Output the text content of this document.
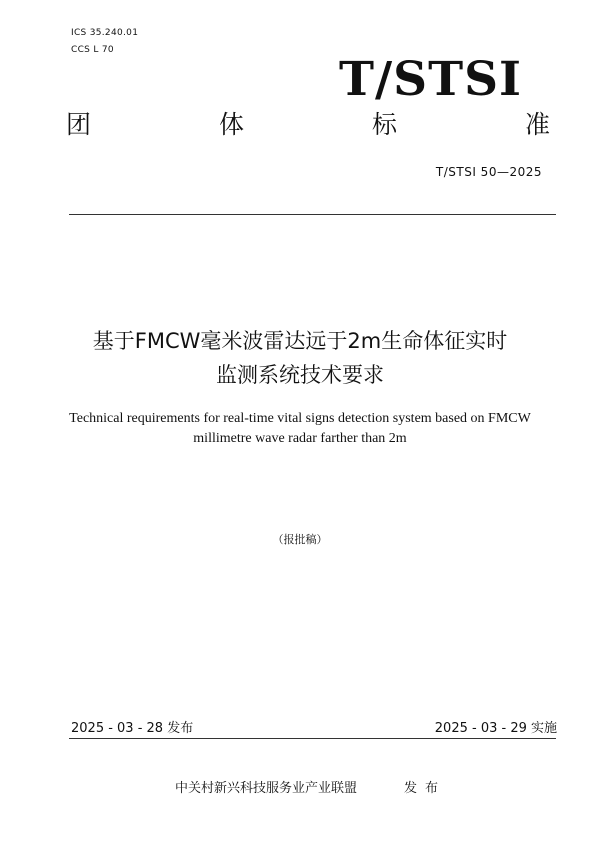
ICS 35.240.01
CCS L 70
T/STSI
团	体	标	准
T/STSI 50—2025
基于FMCW毫米波雷达远于2m生命体征实时
监测系统技术要求
Technical requirements for real-time vital signs detection system based on FMCW
millimetre wave radar farther than 2m
（报批稿）
2025 - 03 - 28 发布	2025 - 03 - 29 实施
中关村新兴科技服务业产业联盟	发布
